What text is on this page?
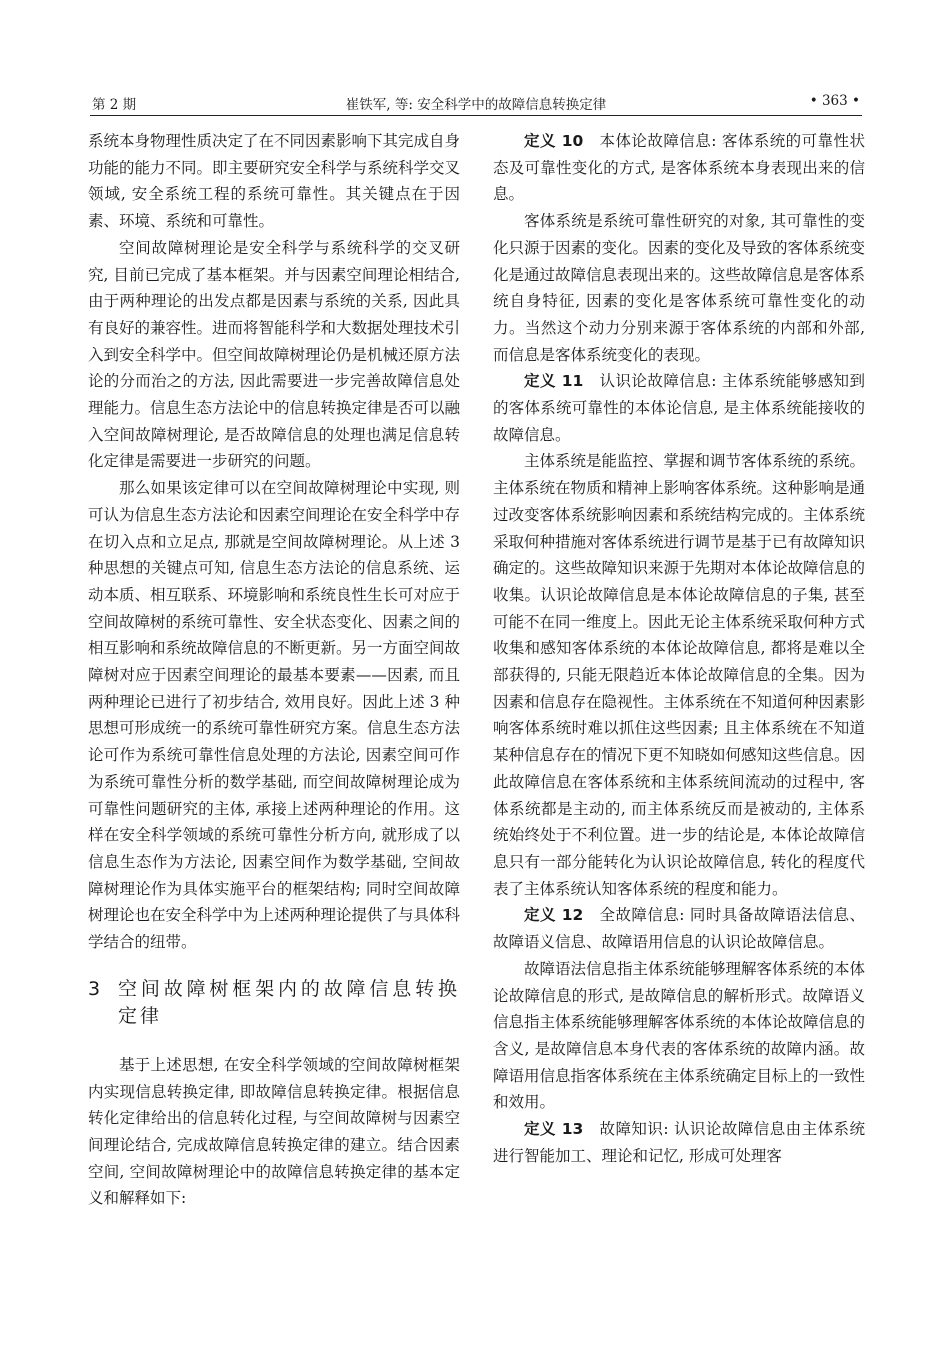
第 2 期	崔铁军, 等: 安全科学中的故障信息转换定律	• 363 •

系统本身物理性质决定了在不同因素影响下其完成自身功能的能力不同。即主要研究安全科学与系统科学交叉领域, 安全系统工程的系统可靠性。其关键点在于因素、环境、系统和可靠性。

空间故障树理论是安全科学与系统科学的交叉研究, 目前已完成了基本框架。并与因素空间理论相结合, 由于两种理论的出发点都是因素与系统的关系, 因此具有良好的兼容性。进而将智能科学和大数据处理技术引入到安全科学中。但空间故障树理论仍是机械还原方法论的分而治之的方法, 因此需要进一步完善故障信息处理能力。信息生态方法论中的信息转换定律是否可以融入空间故障树理论, 是否故障信息的处理也满足信息转化定律是需要进一步研究的问题。

那么如果该定律可以在空间故障树理论中实现, 则可认为信息生态方法论和因素空间理论在安全科学中存在切入点和立足点, 那就是空间故障树理论。从上述 3 种思想的关键点可知, 信息生态方法论的信息系统、运动本质、相互联系、环境影响和系统良性生长可对应于空间故障树的系统可靠性、安全状态变化、因素之间的相互影响和系统故障信息的不断更新。另一方面空间故障树对应于因素空间理论的最基本要素——因素, 而且两种理论已进行了初步结合, 效用良好。因此上述 3 种思想可形成统一的系统可靠性研究方案。信息生态方法论可作为系统可靠性信息处理的方法论, 因素空间可作为系统可靠性分析的数学基础, 而空间故障树理论成为可靠性问题研究的主体, 承接上述两种理论的作用。这样在安全科学领域的系统可靠性分析方向, 就形成了以信息生态作为方法论, 因素空间作为数学基础, 空间故障树理论作为具体实施平台的框架结构; 同时空间故障树理论也在安全科学中为上述两种理论提供了与具体科学结合的纽带。

3 空间故障树框架内的故障信息转换定律

基于上述思想, 在安全科学领域的空间故障树框架内实现信息转换定律, 即故障信息转换定律。根据信息转化定律给出的信息转化过程, 与空间故障树与因素空间理论结合, 完成故障信息转换定律的建立。结合因素空间, 空间故障树理论中的故障信息转换定律的基本定义和解释如下:

定义 10 本体论故障信息: 客体系统的可靠性状态及可靠性变化的方式, 是客体系统本身表现出来的信息。

客体系统是系统可靠性研究的对象, 其可靠性的变化只源于因素的变化。因素的变化及导致的客体系统变化是通过故障信息表现出来的。这些故障信息是客体系统自身特征, 因素的变化是客体系统可靠性变化的动力。当然这个动力分别来源于客体系统的内部和外部, 而信息是客体系统变化的表现。

定义 11 认识论故障信息: 主体系统能够感知到的客体系统可靠性的本体论信息, 是主体系统能接收的故障信息。

主体系统是能监控、掌握和调节客体系统的系统。主体系统在物质和精神上影响客体系统。这种影响是通过改变客体系统影响因素和系统结构完成的。主体系统采取何种措施对客体系统进行调节是基于已有故障知识确定的。这些故障知识来源于先期对本体论故障信息的收集。认识论故障信息是本体论故障信息的子集, 甚至可能不在同一维度上。因此无论主体系统采取何种方式收集和感知客体系统的本体论故障信息, 都将是难以全部获得的, 只能无限趋近本体论故障信息的全集。因为因素和信息存在隐视性。主体系统在不知道何种因素影响客体系统时难以抓住这些因素; 且主体系统在不知道某种信息存在的情况下更不知晓如何感知这些信息。因此故障信息在客体系统和主体系统间流动的过程中, 客体系统都是主动的, 而主体系统反而是被动的, 主体系统始终处于不利位置。进一步的结论是, 本体论故障信息只有一部分能转化为认识论故障信息, 转化的程度代表了主体系统认知客体系统的程度和能力。

定义 12 全故障信息: 同时具备故障语法信息、故障语义信息、故障语用信息的认识论故障信息。

故障语法信息指主体系统能够理解客体系统的本体论故障信息的形式, 是故障信息的解析形式。故障语义信息指主体系统能够理解客体系统的本体论故障信息的含义, 是故障信息本身代表的客体系统的故障内涵。故障语用信息指客体系统在主体系统确定目标上的一致性和效用。

定义 13 故障知识: 认识论故障信息由主体系统进行智能加工、理论和记忆, 形成可处理客
